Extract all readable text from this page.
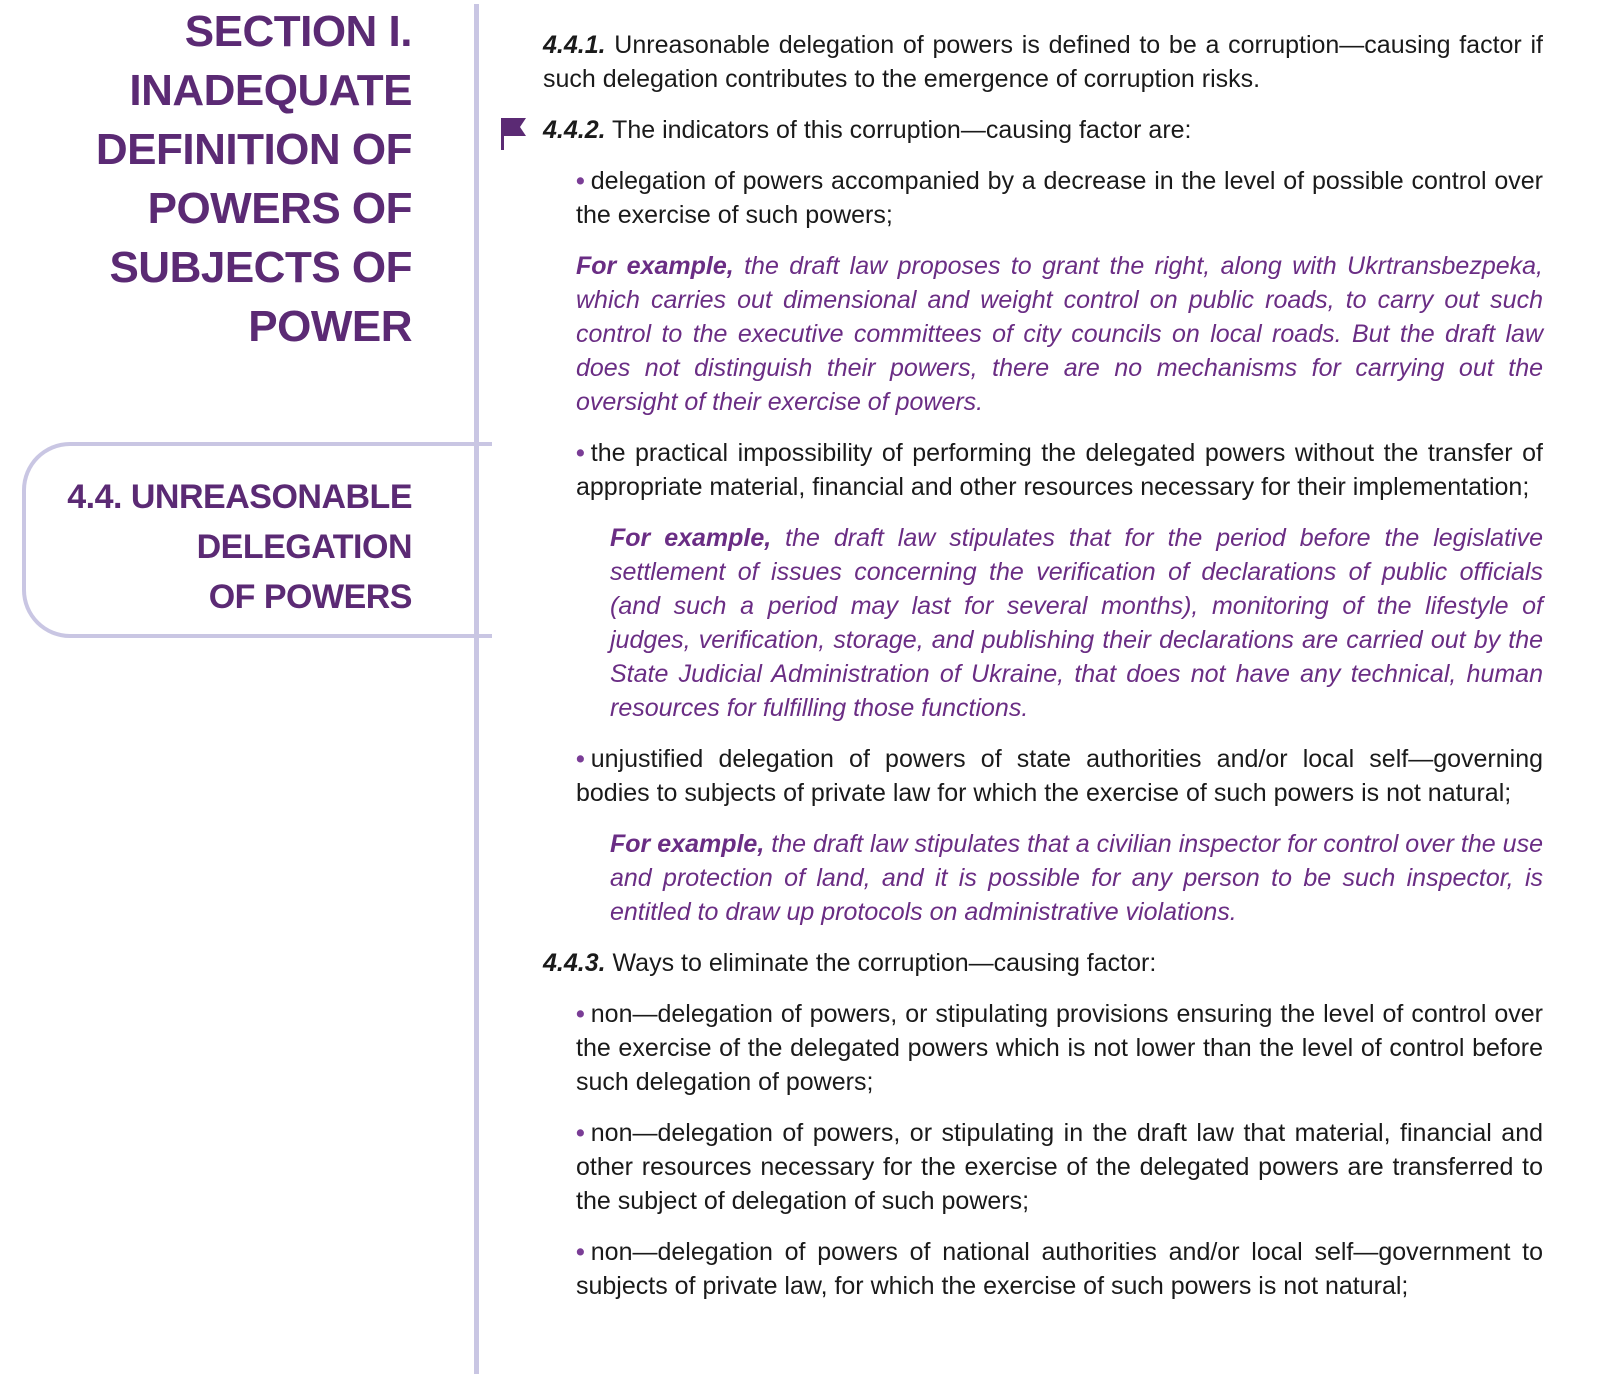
SECTION I.
INADEQUATE
DEFINITION OF
POWERS OF
SUBJECTS OF
POWER
4.4. UNREASONABLE
DELEGATION
OF POWERS

4.4.1. Unreasonable delegation of powers is defined to be a corruption—causing factor if such delegation contributes to the emergence of corruption risks.

4.4.2. The indicators of this corruption—causing factor are:

• delegation of powers accompanied by a decrease in the level of possible control over the exercise of such powers;

For example, the draft law proposes to grant the right, along with Ukrtransbezpeka, which carries out dimensional and weight control on public roads, to carry out such control to the executive committees of city councils on local roads. But the draft law does not distinguish their powers, there are no mechanisms for carrying out the oversight of their exercise of powers.

• the practical impossibility of performing the delegated powers without the transfer of appropriate material, financial and other resources necessary for their implementation;

For example, the draft law stipulates that for the period before the legislative settlement of issues concerning the verification of declarations of public officials (and such a period may last for several months), monitoring of the lifestyle of judges, verification, storage, and publishing their declarations are carried out by the State Judicial Administration of Ukraine, that does not have any technical, human resources for fulfilling those functions.

• unjustified delegation of powers of state authorities and/or local self—governing bodies to subjects of private law for which the exercise of such powers is not natural;

For example, the draft law stipulates that a civilian inspector for control over the use and protection of land, and it is possible for any person to be such inspector, is entitled to draw up protocols on administrative violations.

4.4.3. Ways to eliminate the corruption—causing factor:

• non—delegation of powers, or stipulating provisions ensuring the level of control over the exercise of the delegated powers which is not lower than the level of control before such delegation of powers;

• non—delegation of powers, or stipulating in the draft law that material, financial and other resources necessary for the exercise of the delegated powers are transferred to the subject of delegation of such powers;

• non—delegation of powers of national authorities and/or local self—government to subjects of private law, for which the exercise of such powers is not natural;
